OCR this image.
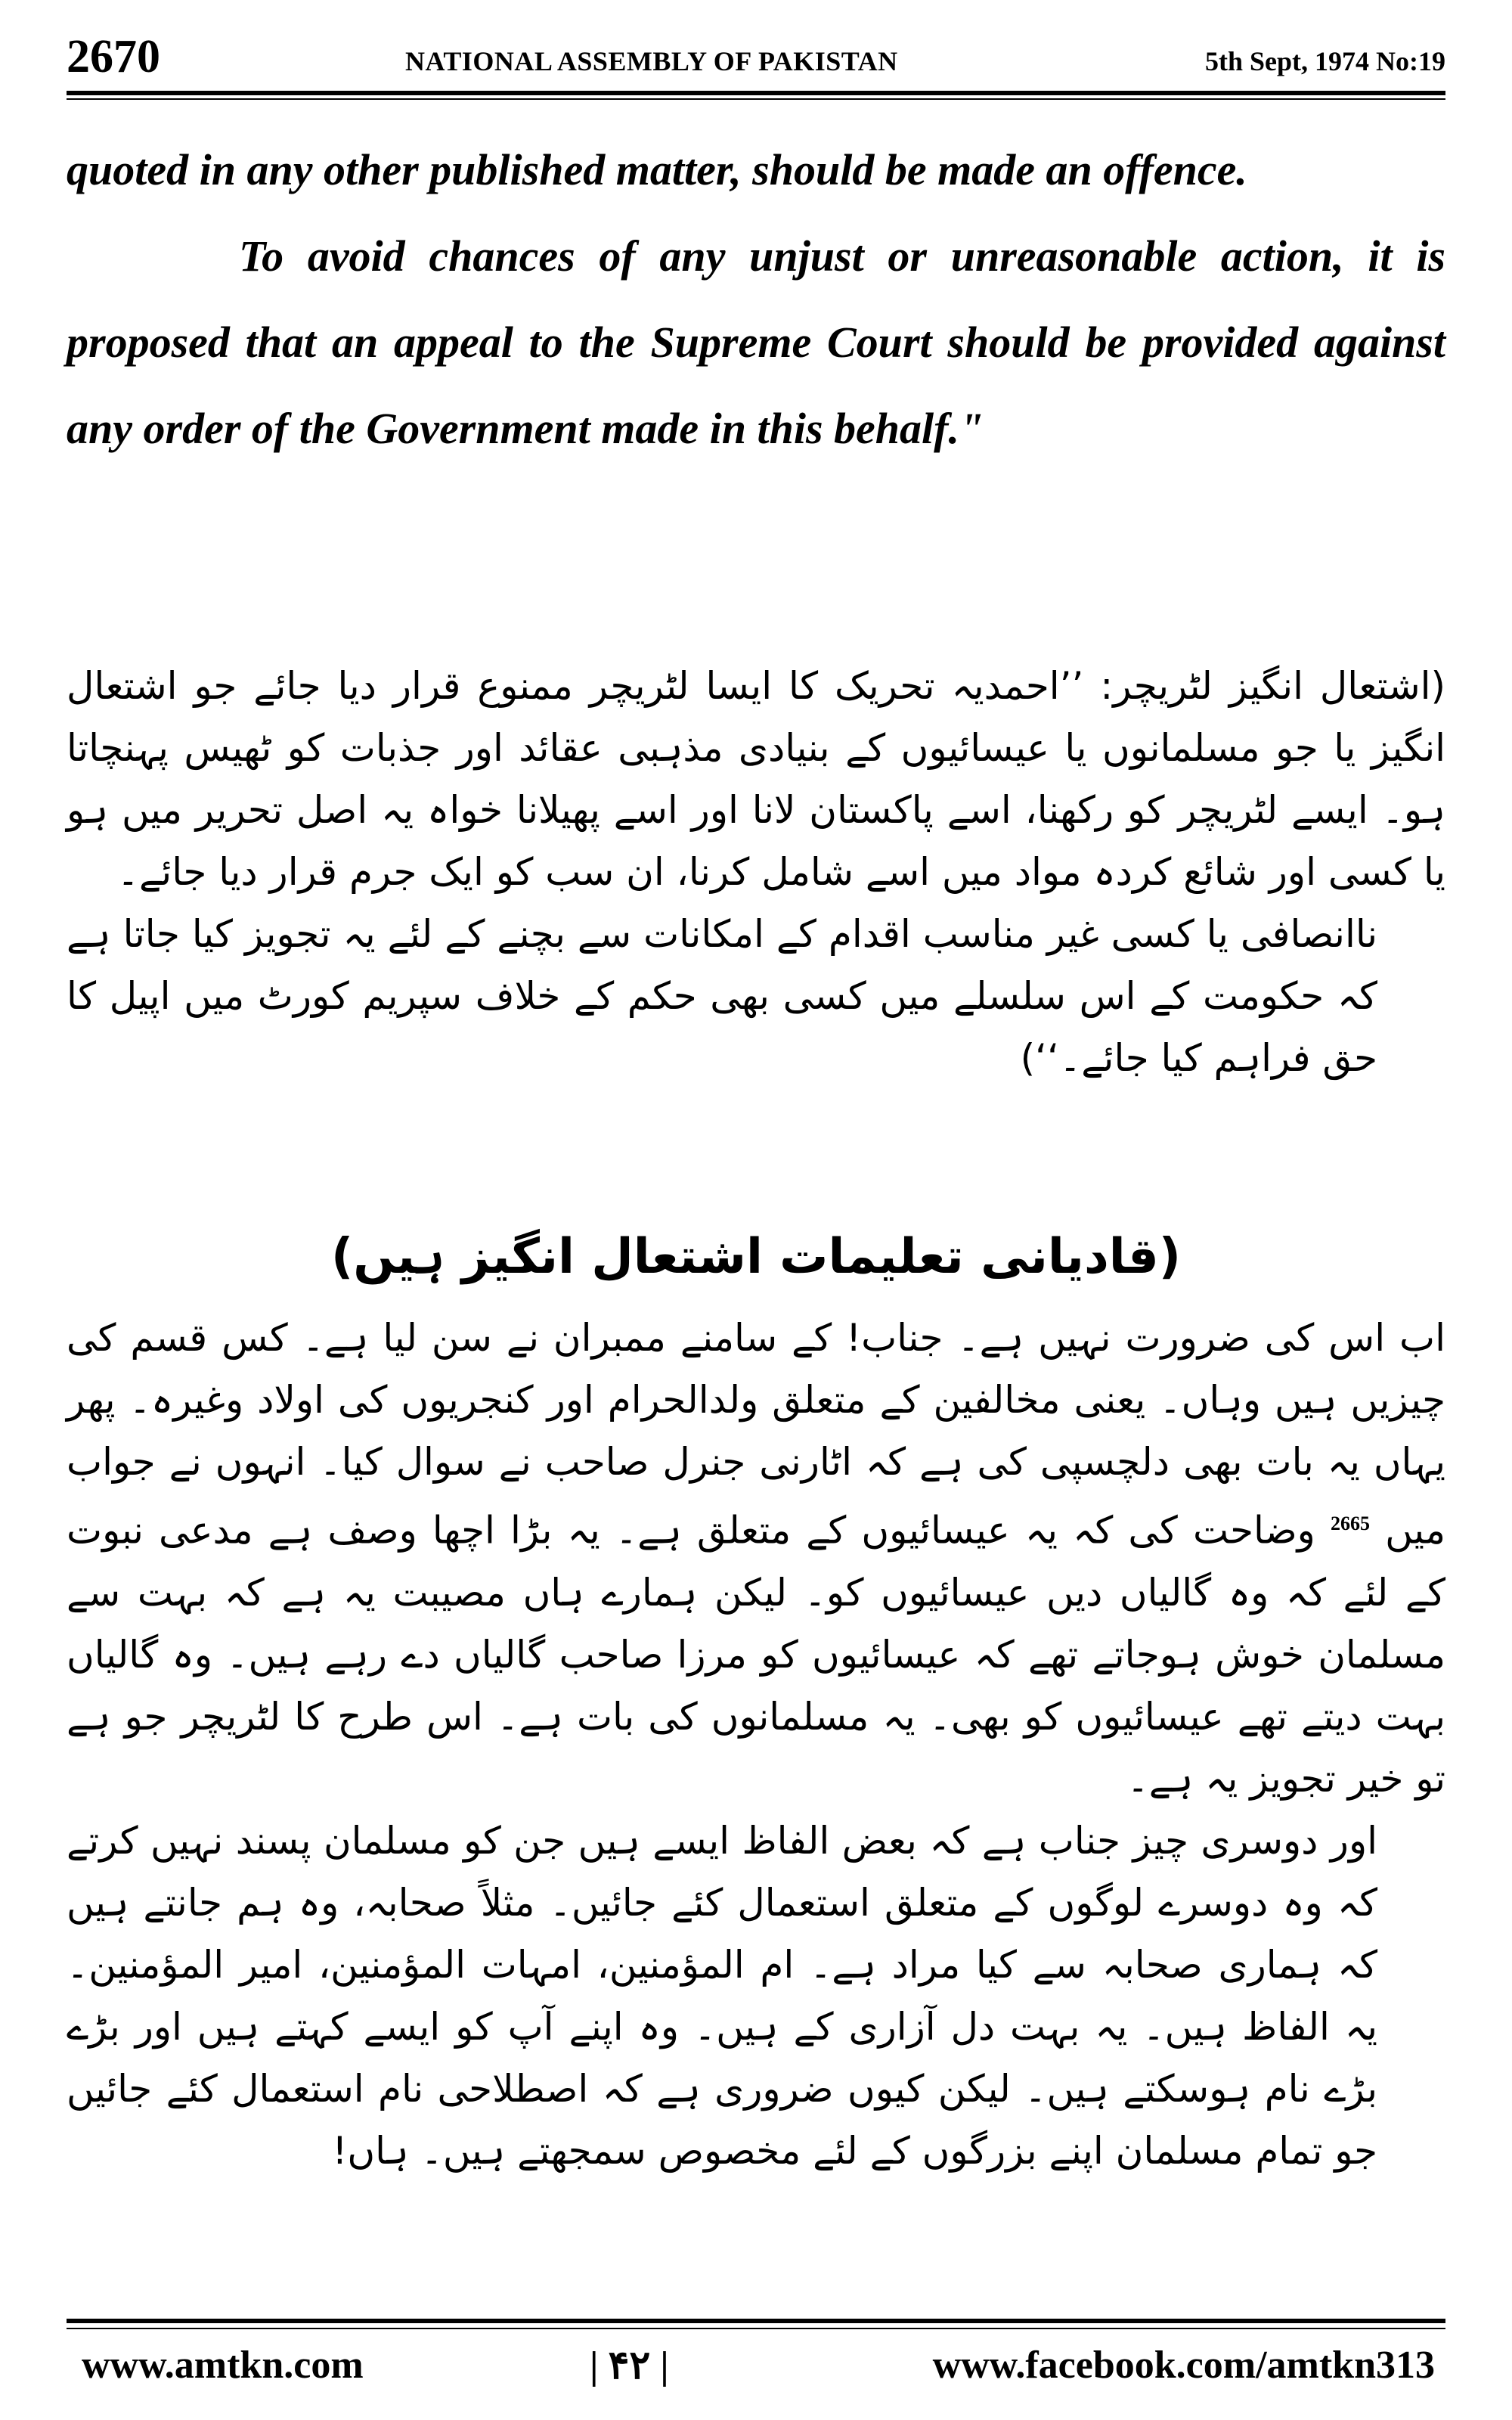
2670	NATIONAL ASSEMBLY OF PAKISTAN	5th Sept, 1974 No:19

quoted in any other published matter, should be made an offence.

To avoid chances of any unjust or unreasonable action, it is proposed that an appeal to the Supreme Court should be provided against any order of the Government made in this behalf."

(اشتعال انگیز لٹریچر: ’’احمدیہ تحریک کا ایسا لٹریچر ممنوع قرار دیا جائے جو اشتعال انگیز یا جو مسلمانوں یا عیسائیوں کے بنیادی مذہبی عقائد اور جذبات کو ٹھیس پہنچاتا ہو۔ ایسے لٹریچر کو رکھنا، اسے پاکستان لانا اور اسے پھیلانا خواہ یہ اصل تحریر میں ہو یا کسی اور شائع کردہ مواد میں اسے شامل کرنا، ان سب کو ایک جرم قرار دیا جائے۔

ناانصافی یا کسی غیر مناسب اقدام کے امکانات سے بچنے کے لئے یہ تجویز کیا جاتا ہے کہ حکومت کے اس سلسلے میں کسی بھی حکم کے خلاف سپریم کورٹ میں اپیل کا حق فراہم کیا جائے۔‘‘)

(قادیانی تعلیمات اشتعال انگیز ہیں)

اب اس کی ضرورت نہیں ہے۔ جناب! کے سامنے ممبران نے سن لیا ہے۔ کس قسم کی چیزیں ہیں وہاں۔ یعنی مخالفین کے متعلق ولدالحرام اور کنجریوں کی اولاد وغیرہ۔ پھر یہاں یہ بات بھی دلچسپی کی ہے کہ اٹارنی جنرل صاحب نے سوال کیا۔ انہوں نے جواب میں $^{2665}$ وضاحت کی کہ یہ عیسائیوں کے متعلق ہے۔ یہ بڑا اچھا وصف ہے مدعی نبوت کے لئے کہ وہ گالیاں دیں عیسائیوں کو۔ لیکن ہمارے ہاں مصیبت یہ ہے کہ بہت سے مسلمان خوش ہوجاتے تھے کہ عیسائیوں کو مرزا صاحب گالیاں دے رہے ہیں۔ وہ گالیاں بہت دیتے تھے عیسائیوں کو بھی۔ یہ مسلمانوں کی بات ہے۔ اس طرح کا لٹریچر جو ہے تو خیر تجویز یہ ہے۔

اور دوسری چیز جناب ہے کہ بعض الفاظ ایسے ہیں جن کو مسلمان پسند نہیں کرتے کہ وہ دوسرے لوگوں کے متعلق استعمال کئے جائیں۔ مثلاً صحابہ، وہ ہم جانتے ہیں کہ ہماری صحابہ سے کیا مراد ہے۔ ام المؤمنین، امہات المؤمنین، امیر المؤمنین۔ یہ الفاظ ہیں۔ یہ بہت دل آزاری کے ہیں۔ وہ اپنے آپ کو ایسے کہتے ہیں اور بڑے بڑے نام ہوسکتے ہیں۔ لیکن کیوں ضروری ہے کہ اصطلاحی نام استعمال کئے جائیں جو تمام مسلمان اپنے بزرگوں کے لئے مخصوص سمجھتے ہیں۔ ہاں!

www.amtkn.com	| ۴۲ |	www.facebook.com/amtkn313
